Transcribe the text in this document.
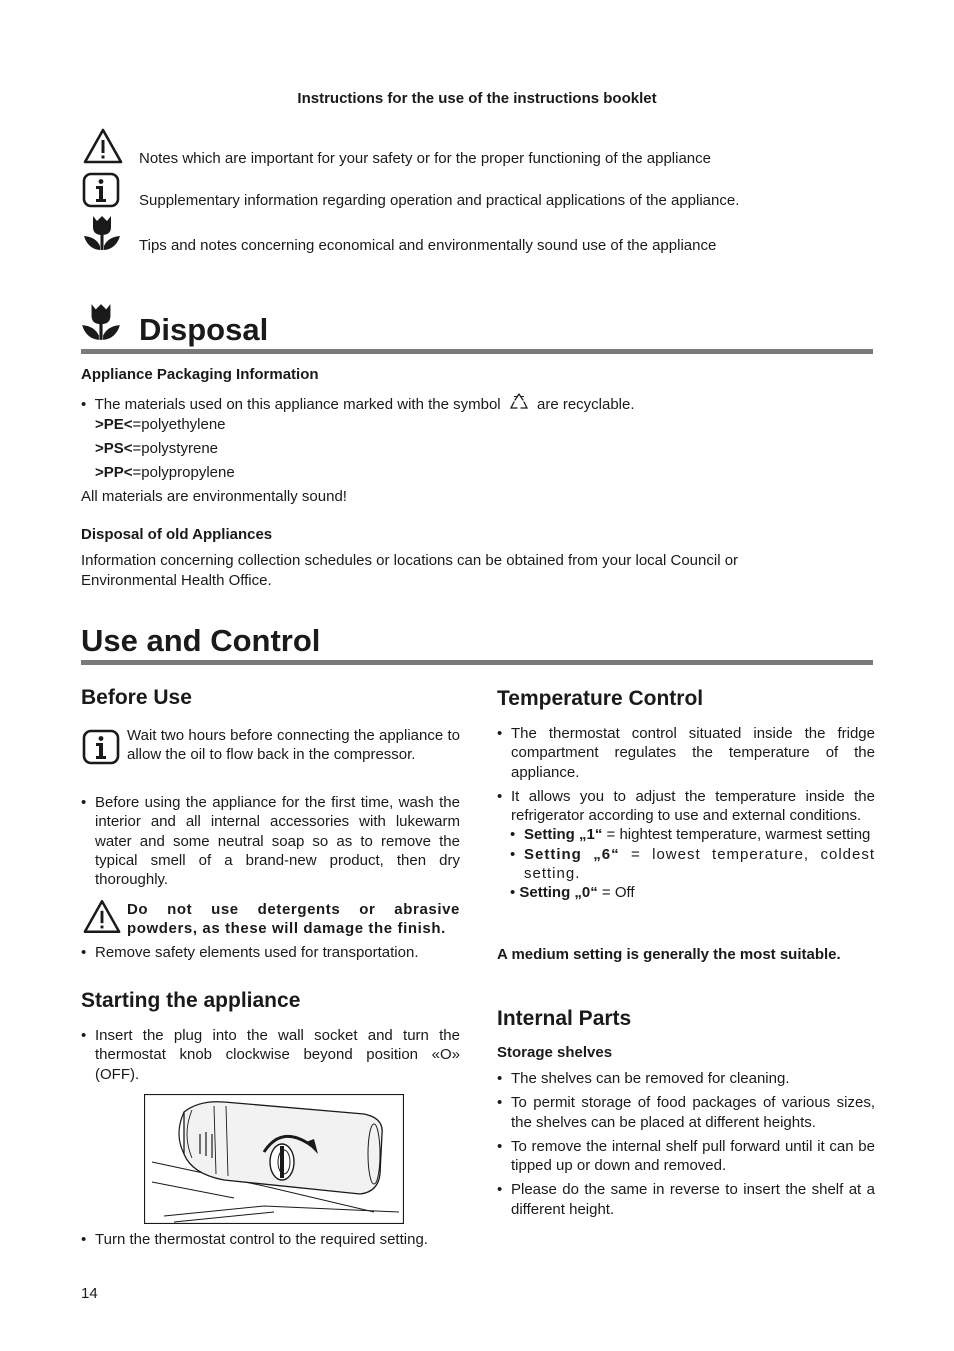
Instructions for the use of the instructions booklet
Notes which are important for your safety or for the proper functioning of the appliance
Supplementary information regarding operation and practical applications of the appliance.
Tips and notes concerning economical and environmentally sound use of the appliance
Disposal
Appliance Packaging Information
•  The materials used on this appliance marked with the symbol are recyclable.
>PE<=polyethylene
>PS<=polystyrene
>PP<=polypropylene
All materials are environmentally sound!
Disposal of old Appliances
Information concerning collection schedules or locations can be obtained from your local Council or
Environmental Health Office.
Use and Control
Before Use
Wait two hours before connecting the appliance to allow the oil to flow back in the compressor.
• Before using the appliance for the first time, wash the interior and all internal accessories with lukewarm water and some neutral soap so as to remove the typical smell of a brand-new product, then dry thoroughly.
Do not use detergents or abrasive powders, as these will damage the finish.
• Remove safety elements used for transportation.
Starting the appliance
• Insert the plug into the wall socket and turn the thermostat knob clockwise beyond position «O» (OFF).
• Turn the thermostat control to the required setting.
Temperature Control
• The thermostat control situated inside the fridge compartment regulates the temperature of the appliance.
• It allows you to adjust the temperature inside the refrigerator according to use and external conditions.
• Setting „1“ = hightest temperature, warmest setting
• Setting „6“ = lowest temperature, coldest setting.
• Setting „0“ = Off
A medium setting is generally the most suitable.
Internal Parts
Storage shelves
• The shelves can be removed for cleaning.
• To permit storage of food packages of various sizes, the shelves can be placed at different heights.
• To remove the internal shelf pull forward until it can be tipped up or down and removed.
• Please do the same in reverse to insert the shelf at a different height.
14
